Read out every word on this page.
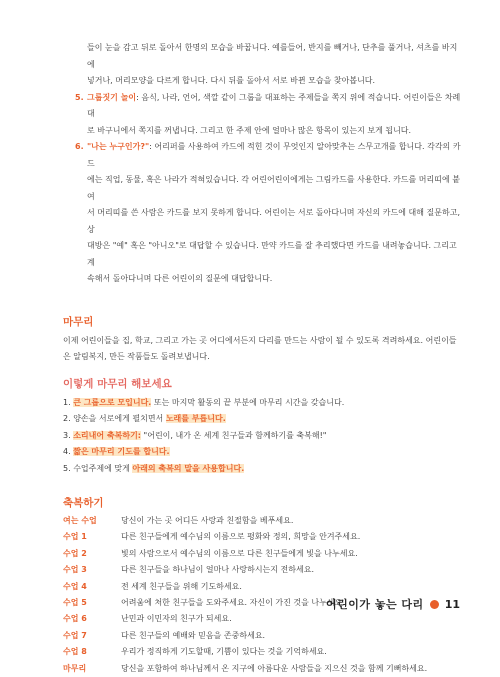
들이 눈을 감고 뒤로 돌아서 한명의 모습을 바꿉니다. 예를들어, 반지를 빼거나, 단추를 풀거나, 셔츠를 바지에

넣거나, 머리모양을 다르게 합니다. 다시 뒤를 돌아서 서로 바뀐 모습을 찾아봅니다.

5. 그룹짓기 놀이: 음식, 나라, 언어, 색깔 같이 그룹을 대표하는 주제들을 쪽지 위에 적습니다. 어린이들은 차례대
로 바구니에서 쪽지를 꺼냅니다. 그리고 한 주제 안에 얼마나 많은 항목이 있는지 보게 됩니다.
6. "나는 누구인가?": 어리퍼를 사용하여 카드에 적힌 것이 무엇인지 알아맞추는 스무고개를 합니다. 각각의 카드
에는 직업, 동물, 혹은 나라가 적혀있습니다. 각 어린어린이에게는 그림카드를 사용한다. 카드를 머리띠에 붙여
서 머리띠를 쓴 사람은 카드를 보지 못하게 합니다. 어린이는 서로 돌아다니며 자신의 카드에 대해 질문하고, 상
대방은 "예" 혹은 "아니오"로 대답할 수 있습니다. 만약 카드를 잘 추리했다면 카드를 내려놓습니다. 그리고 계
속해서 돌아다니며 다른 어린이의 질문에 대답합니다.

마무리

이제 어린이들을 집, 학교, 그리고 가는 곳 어디에서든지 다리를 만드는 사람이 될 수 있도록 격려하세요. 어린이들

은 알림복지, 만든 작품들도 돌려보냅니다.

이렇게 마무리 해보세요

1. 큰 그룹으로 모입니다. 또는 마지막 활동의 끝 부분에 마무리 시간을 갖습니다.

2. 양손을 서로에게 펼치면서 노래를 부릅니다.

3. 소리내어 축복하기: "어린이, 내가 온 세계 친구들과 함께하기를 축복해!"

4. 짧은 마무리 기도를 합니다.

5. 수업주제에 맞게 아래의 축복의 말을 사용합니다.

축복하기

여는 수업	당신이 가는 곳 어디든 사랑과 친절함을 베푸세요.
수업 1	다른 친구들에게 예수님의 이름으로 평화와 정의, 희망을 안겨주세요.
수업 2	빛의 사람으로서 예수님의 이름으로 다른 친구들에게 빛을 나누세요.
수업 3	다른 친구들을 하나님이 얼마나 사랑하시는지 전하세요.
수업 4	전 세계 친구들을 위해 기도하세요.
수업 5	어려움에 처한 친구들을 도와주세요. 자신이 가진 것을 나누세요.
수업 6	난민과 이민자의 친구가 되세요.
수업 7	다른 친구들의 예배와 믿음을 존중하세요.
수업 8	우리가 정직하게 기도할때, 기쁨이 있다는 것을 기억하세요.
마무리	당신을 포함하여 하나님께서 온 지구에 아름다운 사람들을 지으신 것을 함께 기뻐하세요.
어린이가 놓는 다리 11
